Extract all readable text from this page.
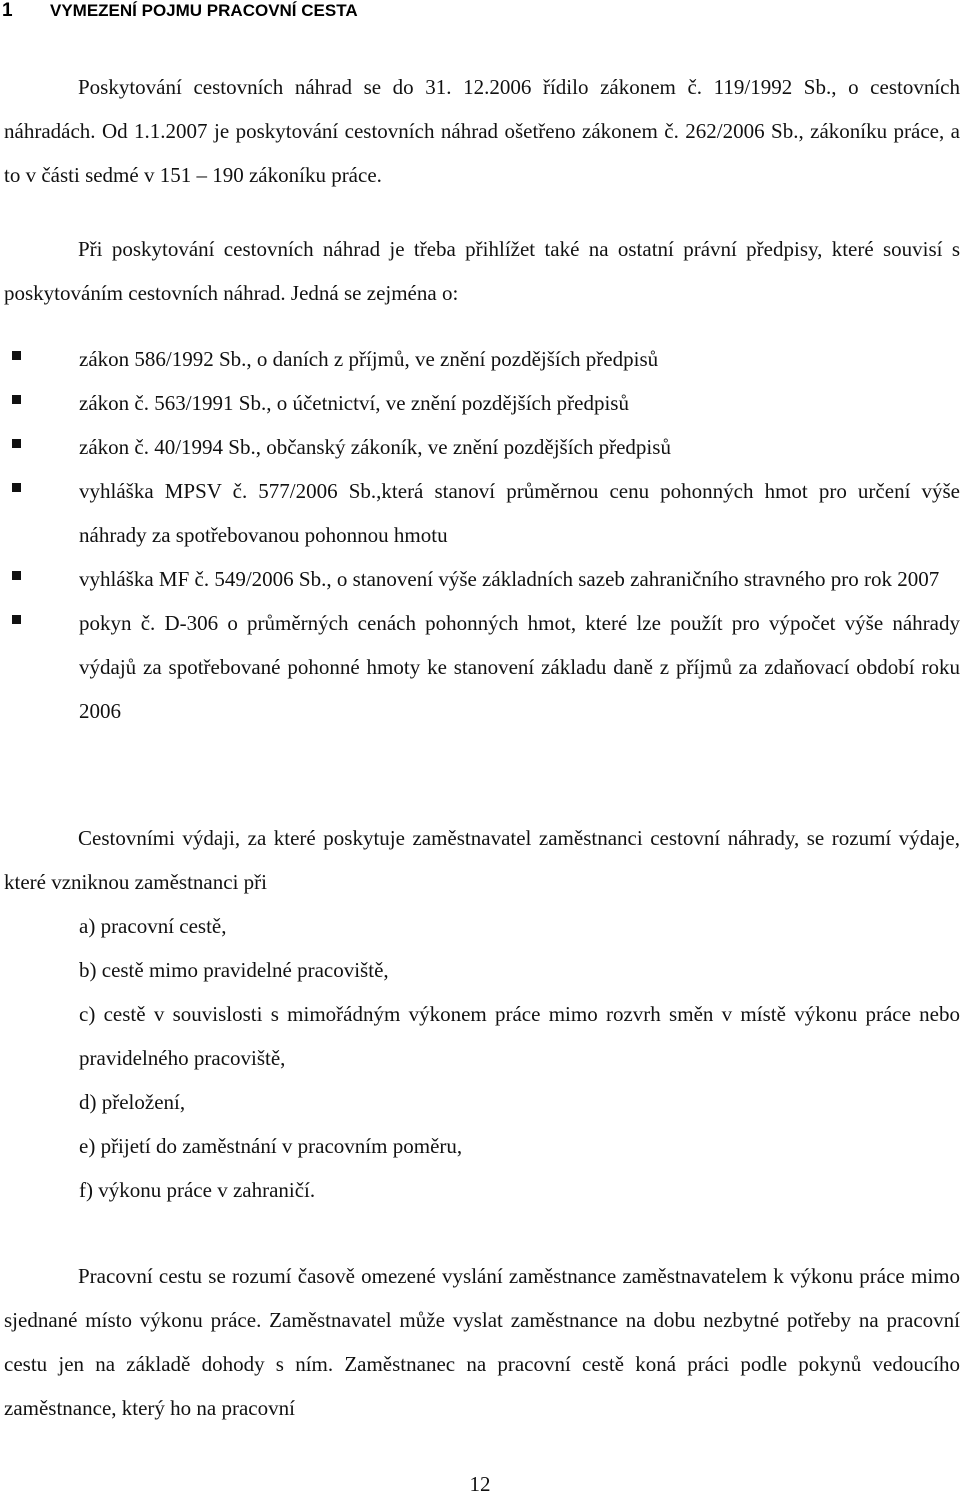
1	VYMEZENÍ POJMU PRACOVNÍ CESTA

Poskytování cestovních náhrad se do 31. 12.2006 řídilo zákonem č. 119/1992 Sb., o cestovních náhradách. Od 1.1.2007 je poskytování cestovních náhrad ošetřeno zákonem č. 262/2006 Sb., zákoníku práce, a to v části sedmé v 151 – 190 zákoníku práce.

Při poskytování cestovních náhrad je třeba přihlížet také na ostatní právní předpisy, které souvisí s poskytováním cestovních náhrad. Jedná se zejména o:

zákon 586/1992 Sb., o daních z příjmů, ve znění pozdějších předpisů
zákon č. 563/1991 Sb., o účetnictví, ve znění pozdějších předpisů
zákon č. 40/1994 Sb., občanský zákoník, ve znění pozdějších předpisů
vyhláška MPSV č. 577/2006 Sb.,která stanoví průměrnou cenu pohonných hmot pro určení výše náhrady za spotřebovanou pohonnou hmotu
vyhláška MF č. 549/2006 Sb., o stanovení výše základních sazeb zahraničního stravného pro rok 2007
pokyn č. D-306 o průměrných cenách pohonných hmot, které lze použít pro výpočet výše náhrady výdajů za spotřebované pohonné hmoty ke stanovení základu daně z příjmů za zdaňovací období roku 2006

Cestovními výdaji, za které poskytuje zaměstnavatel zaměstnanci cestovní náhrady, se rozumí výdaje, které vzniknou zaměstnanci při

a) pracovní cestě,
b) cestě mimo pravidelné pracoviště,
c) cestě v souvislosti s mimořádným výkonem práce mimo rozvrh směn v místě výkonu práce nebo pravidelného pracoviště,
d) přeložení,
e) přijetí do zaměstnání v pracovním poměru,
f) výkonu práce v zahraničí.

Pracovní cestu se rozumí časově omezené vyslání zaměstnance zaměstnavatelem k výkonu práce mimo sjednané místo výkonu práce. Zaměstnavatel může vyslat zaměstnance na dobu nezbytné potřeby na pracovní cestu jen na základě dohody s ním. Zaměstnanec na pracovní cestě koná práci podle pokynů vedoucího zaměstnance, který ho na pracovní

12
